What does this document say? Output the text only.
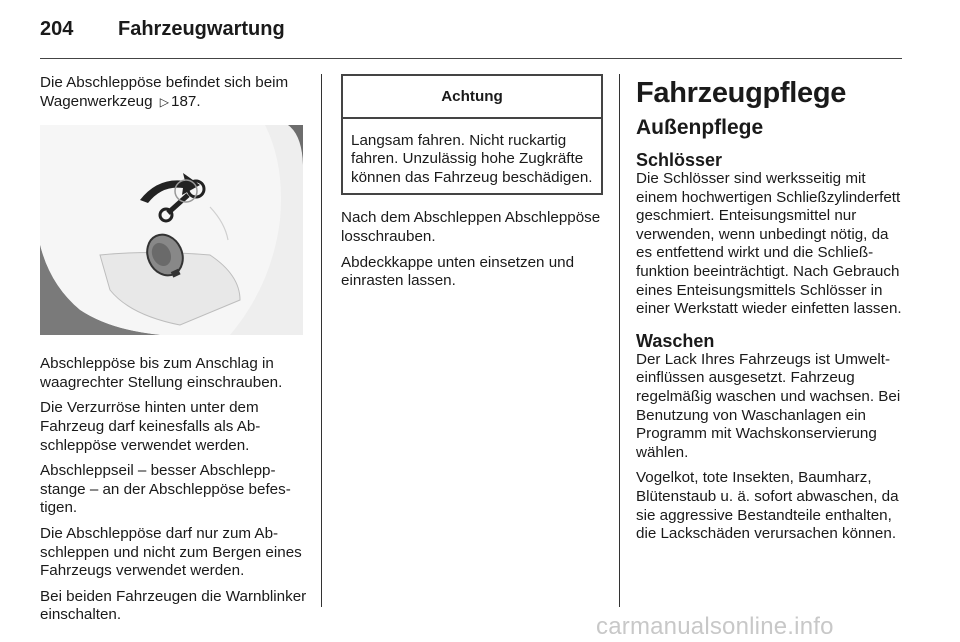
204	Fahrzeugwartung

Die Abschleppöse befindet sich beim Wagenwerkzeug ▷ 187.

Abschleppöse bis zum Anschlag in waagrechter Stellung einschrauben.

Die Verzurröse hinten unter dem Fahrzeug darf keinesfalls als Abschleppöse verwendet werden.

Abschleppseil – besser Abschleppstange – an der Abschleppöse befestigen.

Die Abschleppöse darf nur zum Abschleppen und nicht zum Bergen eines Fahrzeugs verwendet werden.

Bei beiden Fahrzeugen die Warnblinker einschalten.

Achtung
Langsam fahren. Nicht ruckartig fahren. Unzulässig hohe Zugkräfte können das Fahrzeug beschädigen.

Nach dem Abschleppen Abschleppöse losschrauben.

Abdeckkappe unten einsetzen und einrasten lassen.

Fahrzeugpflege
Außenpflege
Schlösser

Die Schlösser sind werksseitig mit einem hochwertigen Schließzylinderfett geschmiert. Enteisungsmittel nur verwenden, wenn unbedingt nötig, da es entfettend wirkt und die Schließfunktion beeinträchtigt. Nach Gebrauch eines Enteisungsmittels Schlösser in einer Werkstatt wieder einfetten lassen.

Waschen

Der Lack Ihres Fahrzeugs ist Umwelteinflüssen ausgesetzt. Fahrzeug regelmäßig waschen und wachsen. Bei Benutzung von Waschanlagen ein Programm mit Wachskonservierung wählen.

Vogelkot, tote Insekten, Baumharz, Blütenstaub u. ä. sofort abwaschen, da sie aggressive Bestandteile enthalten, die Lackschäden verursachen können.

carmanualsonline.info
